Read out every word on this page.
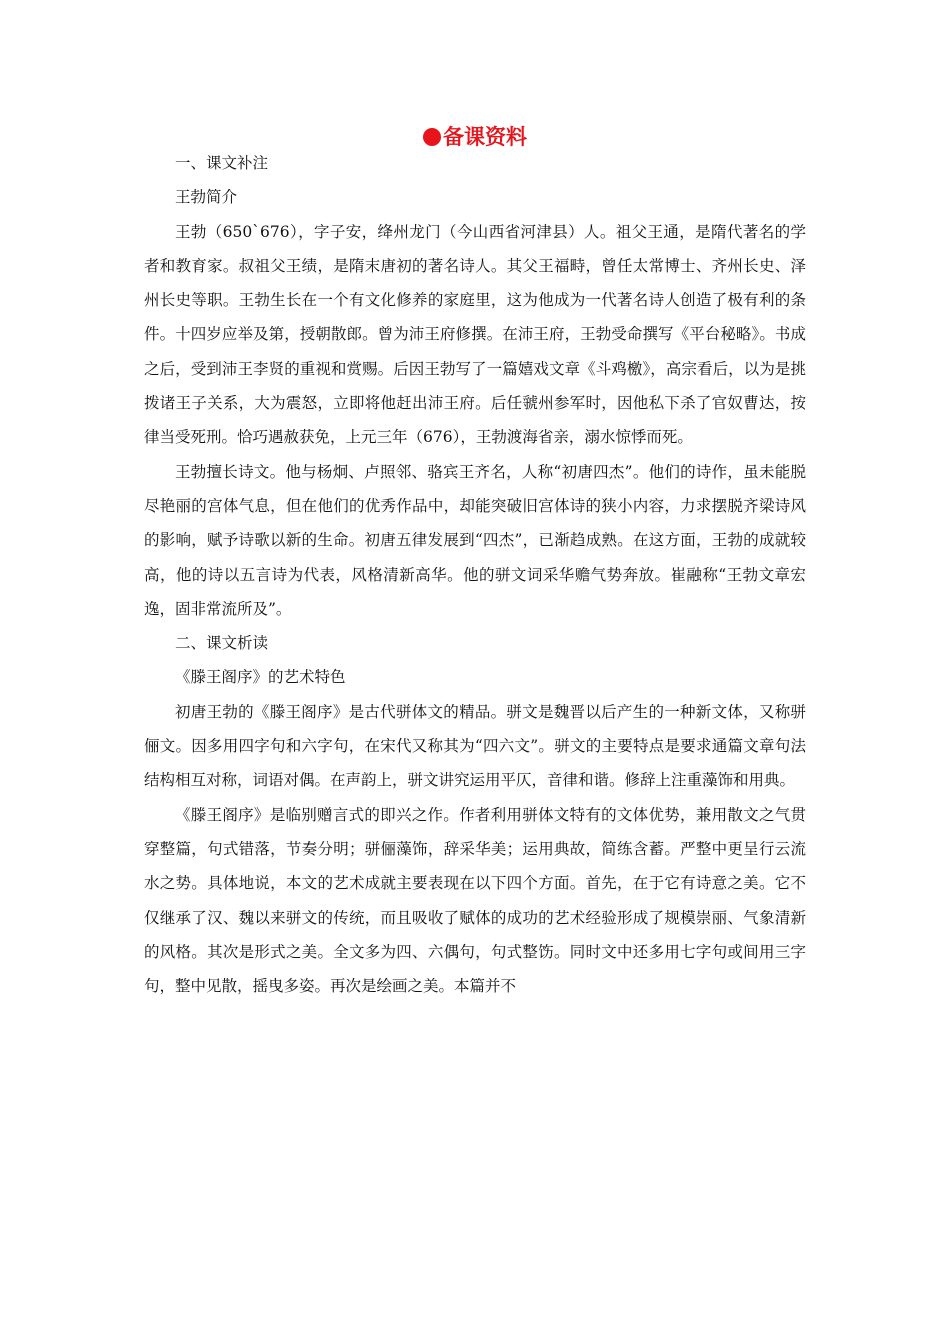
备课资料

一、课文补注

王勃简介

王勃（650`676），字子安，绛州龙门（今山西省河津县）人。祖父王通，是隋代著名的学者和教育家。叔祖父王绩，是隋末唐初的著名诗人。其父王福畤，曾任太常博士、齐州长史、泽州长史等职。王勃生长在一个有文化修养的家庭里，这为他成为一代著名诗人创造了极有利的条件。十四岁应举及第，授朝散郎。曾为沛王府修撰。在沛王府，王勃受命撰写《平台秘略》。书成之后，受到沛王李贤的重视和赏赐。后因王勃写了一篇嬉戏文章《斗鸡檄》，高宗看后，以为是挑拨诸王子关系，大为震怒，立即将他赶出沛王府。后任虢州参军时，因他私下杀了官奴曹达，按律当受死刑。恰巧遇赦获免，上元三年（676），王勃渡海省亲，溺水惊悸而死。

王勃擅长诗文。他与杨炯、卢照邻、骆宾王齐名，人称“初唐四杰”。他们的诗作，虽未能脱尽艳丽的宫体气息，但在他们的优秀作品中，却能突破旧宫体诗的狭小内容，力求摆脱齐梁诗风的影响，赋予诗歌以新的生命。初唐五律发展到“四杰”，已渐趋成熟。在这方面，王勃的成就较高，他的诗以五言诗为代表，风格清新高华。他的骈文词采华赡气势奔放。崔融称“王勃文章宏逸，固非常流所及”。

二、课文析读

《滕王阁序》的艺术特色

初唐王勃的《滕王阁序》是古代骈体文的精品。骈文是魏晋以后产生的一种新文体，又称骈俪文。因多用四字句和六字句，在宋代又称其为“四六文”。骈文的主要特点是要求通篇文章句法结构相互对称，词语对偶。在声韵上，骈文讲究运用平仄，音律和谐。修辞上注重藻饰和用典。

《滕王阁序》是临别赠言式的即兴之作。作者利用骈体文特有的文体优势，兼用散文之气贯穿整篇，句式错落，节奏分明；骈俪藻饰，辞采华美；运用典故，简练含蓄。严整中更呈行云流水之势。具体地说，本文的艺术成就主要表现在以下四个方面。首先，在于它有诗意之美。它不仅继承了汉、魏以来骈文的传统，而且吸收了赋体的成功的艺术经验形成了规模崇丽、气象清新的风格。其次是形式之美。全文多为四、六偶句，句式整饬。同时文中还多用七字句或间用三字句，整中见散，摇曳多姿。再次是绘画之美。本篇并不
